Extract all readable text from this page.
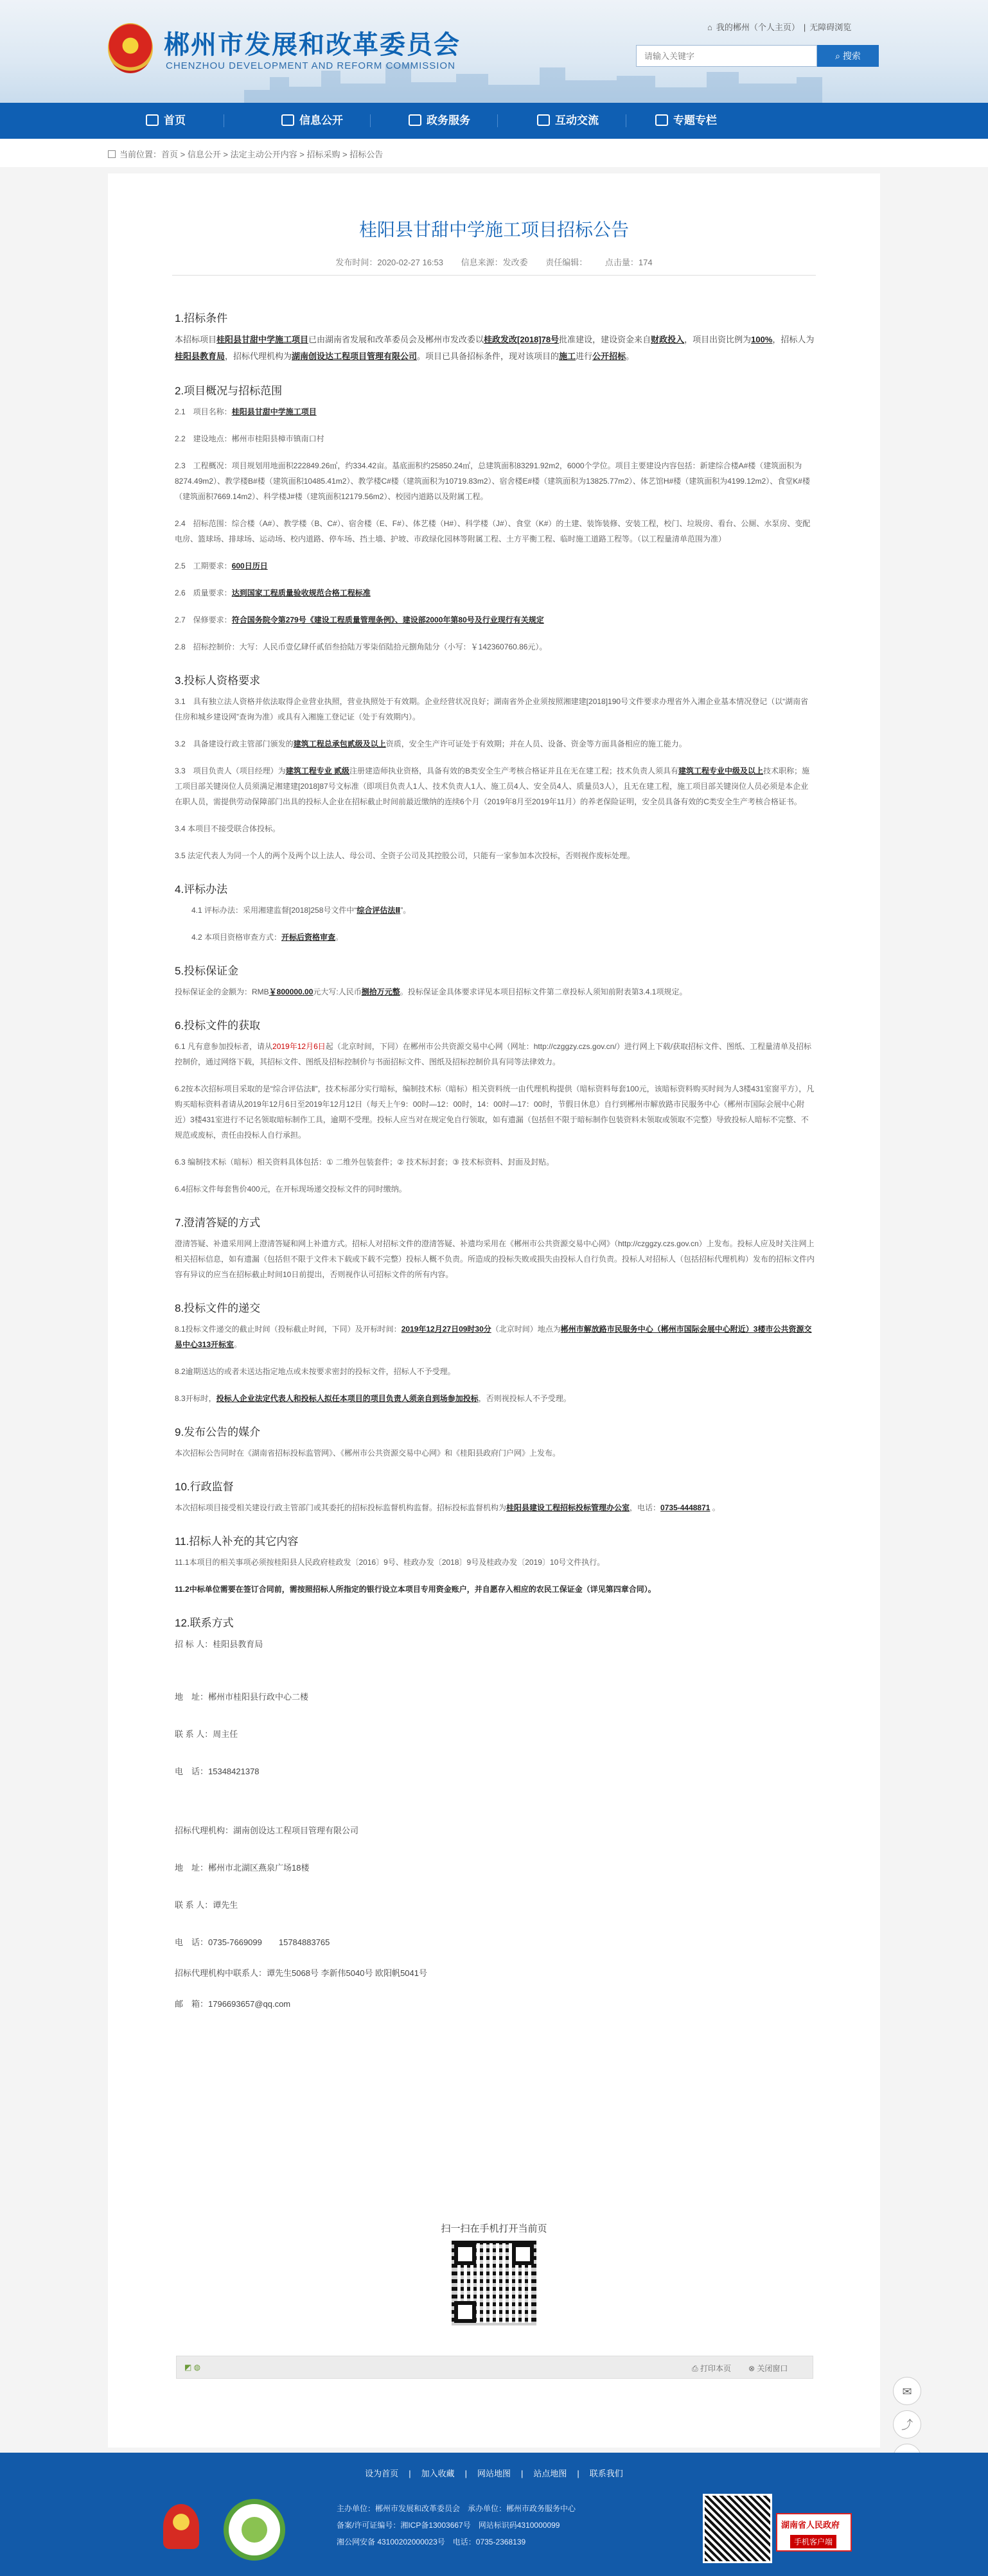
郴州市发展和改革委员会
CHENZHOU DEVELOPMENT AND REFORM COMMISSION
⌂ 我的郴州（个人主页） | 无障碍浏览
请输入关键字
⌕ 搜索
首页	信息公开	政务服务	互动交流	专题专栏
当前位置：首页 > 信息公开 > 法定主动公开内容 > 招标采购 > 招标公告
桂阳县甘甜中学施工项目招标公告
发布时间：2020-02-27 16:53 信息来源：发改委 责任编辑： 点击量：174
1.招标条件
本招标项目桂阳县甘甜中学施工项目已由湖南省发展和改革委员会及郴州市发改委以桂政发改[2018]78号批准建设，建设资金来自财政投入，项目出资比例为100%，招标人为桂阳县教育局，招标代理机构为湖南创设达工程项目管理有限公司。项目已具备招标条件，现对该项目的施工进行公开招标。
2.项目概况与招标范围
2.1　项目名称：桂阳县甘甜中学施工项目
2.2　建设地点：郴州市桂阳县樟市镇南口村
2.3　工程概况：项目规划用地面积222849.26㎡，约334.42亩。基底面积约25850.24㎡，总建筑面积83291.92m2，6000个学位。项目主要建设内容包括：新建综合楼A#楼（建筑面积为8274.49m2）、教学楼B#楼（建筑面积10485.41m2）、教学楼C#楼（建筑面积为10719.83m2）、宿舍楼E#楼（建筑面积为13825.77m2）、体艺馆H#楼（建筑面积为4199.12m2）、食堂K#楼（建筑面积7669.14m2）、科学楼J#楼（建筑面积12179.56m2）、校园内道路以及附属工程。
2.4　招标范围：综合楼（A#）、教学楼（B、C#）、宿舍楼（E、F#）、体艺楼（H#）、科学楼（J#）、食堂（K#）的土建、装饰装修、安装工程，校门、垃圾房、看台、公厕、水泵房、变配电房、篮球场、排球场、运动场、校内道路、停车场、挡土墙、护坡、市政绿化园林等附属工程、土方平衡工程、临时施工道路工程等。（以工程量清单范围为准）
2.5　工期要求：600日历日
2.6　质量要求：达到国家工程质量验收规范合格工程标准
2.7　保修要求：符合国务院令第279号《建设工程质量管理条例》、建设部2000年第80号及行业现行有关规定
2.8　招标控制价：大写：人民币壹亿肆仟贰佰叁拾陆万零柒佰陆拾元捌角陆分（小写：￥142360760.86元）。
3.投标人资格要求
3.1　具有独立法人资格并依法取得企业营业执照，营业执照处于有效期。企业经营状况良好；湖南省外企业须按照湘建建[2018]190号文件要求办理省外入湘企业基本情况登记（以“湖南省住房和城乡建设网”查询为准）或具有入湘施工登记证（处于有效期内）。
3.2　具备建设行政主管部门颁发的建筑工程总承包贰级及以上资质，安全生产许可证处于有效期；并在人员、设备、资金等方面具备相应的施工能力。
3.3　项目负责人（项目经理）为建筑工程专业 贰级注册建造师执业资格，具备有效的B类安全生产考核合格证并且在无在建工程；技术负责人须具有建筑工程专业中级及以上技术职称；施工项目部关键岗位人员须满足湘建建[2018]87号文标准（即项目负责人1人、技术负责人1人、施工员4人、安全员4人、质量员3人），且无在建工程，施工项目部关键岗位人员必须是本企业在职人员，需提供劳动保障部门出具的投标人企业在招标截止时间前最近缴纳的连续6个月（2019年8月至2019年11月）的养老保险证明，安全员具备有效的C类安全生产考核合格证书。
3.4 本项目不接受联合体投标。
3.5 法定代表人为同一个人的两个及两个以上法人、母公司、全资子公司及其控股公司，只能有一家参加本次投标，否则视作废标处理。
4.评标办法
4.1 评标办法：采用湘建监督[2018]258号文件中“综合评估法Ⅱ”。
4.2 本项目资格审查方式：开标后资格审查。
5.投标保证金
投标保证金的金额为：RMB￥800000.00元大写:人民币捌拾万元整。投标保证金具体要求详见本项目招标文件第二章投标人须知前附表第3.4.1项规定。
6.投标文件的获取
6.1 凡有意参加投标者，请从2019年12月6日起（北京时间，下同）在郴州市公共资源交易中心网（网址：http://czggzy.czs.gov.cn/）进行网上下载/获取招标文件、图纸、工程量清单及招标控制价，通过网络下载，其招标文件、图纸及招标控制价与书面招标文件、图纸及招标控制价具有同等法律效力。
6.2按本次招标项目采取的是“综合评估法Ⅱ”，技术标部分实行暗标，编制技术标（暗标）相关资料统一由代理机构提供（暗标资料每套100元，该暗标资料购买时间为人3楼431室窗平方），凡购买暗标资料者请从2019年12月6日至2019年12月12日（每天上午9：00时—12：00时，14：00时—17：00时，节假日休息）自行到郴州市解放路市民服务中心（郴州市国际会展中心附近）3楼431室进行不记名领取暗标制作工具，逾期不受理。投标人应当对在规定免自行领取，如有遗漏（包括但不限于暗标制作包装资料未领取或领取不完整）导致投标人暗标不完整、不规范或废标，责任由投标人自行承担。
6.3 编制技术标（暗标）相关资料具体包括：① 二维外包装套件；② 技术标封套；③ 技术标资料、封面及封贴。
6.4招标文件每套售价400元，在开标现场递交投标文件的同时缴纳。
7.澄清答疑的方式
澄清答疑、补遗采用网上澄清答疑和网上补遗方式。招标人对招标文件的澄清答疑、补遗均采用在《郴州市公共资源交易中心网》（http://czggzy.czs.gov.cn）上发布。投标人应及时关注网上相关招标信息，如有遗漏（包括但不限于文件未下载或下载不完整）投标人概不负责。所造成的投标失败或损失由投标人自行负责。投标人对招标人（包括招标代理机构）发布的招标文件内容有异议的应当在招标截止时间10日前提出，否则视作认可招标文件的所有内容。
8.投标文件的递交
8.1投标文件递交的截止时间（投标截止时间，下同）及开标时间：2019年12月27日09时30分（北京时间）地点为郴州市解放路市民服务中心（郴州市国际会展中心附近）3楼市公共资源交易中心313开标室。
8.2逾期送达的或者未送达指定地点或未按要求密封的投标文件，招标人不予受理。
8.3开标时，投标人企业法定代表人和投标人拟任本项目的项目负责人须亲自到场参加投标，否则视投标人不予受理。
9.发布公告的媒介
本次招标公告同时在《湖南省招标投标监管网》、《郴州市公共资源交易中心网》和《桂阳县政府门户网》上发布。
10.行政监督
本次招标项目接受相关建设行政主管部门或其委托的招标投标监督机构监督。招标投标监督机构为桂阳县建设工程招标投标管理办公室，电话：0735-4448871 。
11.招标人补充的其它内容
11.1本项目的相关事项必须按桂阳县人民政府桂政发〔2016〕9号、桂政办发〔2018〕9号及桂政办发〔2019〕10号文件执行。
11.2中标单位需要在签订合同前，需按照招标人所指定的银行设立本项目专用资金账户，并自愿存入相应的农民工保证金（详见第四章合同）。
12.联系方式
招 标 人：桂阳县教育局
地　址：郴州市桂阳县行政中心二楼
联 系 人：周主任
电　话：15348421378
招标代理机构：湖南创设达工程项目管理有限公司
地　址：郴州市北湖区燕泉广场18楼
联 系 人：谭先生
电　话：0735-7669099　　15784883765
招标代理机构中联系人：谭先生5068号 李新伟5040号 欧阳帆5041号
邮　箱：1796693657@qq.com
扫一扫在手机打开当前页
◩ ◍	⎙ 打印本页 ⊗ 关闭窗口
✉
⤴
设为首页 | 加入收藏 | 网站地图 | 站点地图 | 联系我们
主办单位：郴州市发展和改革委员会　承办单位：郴州市政务服务中心
备案/许可证编号：湘ICP备13003667号　网站标识码4310000099
湘公网安备 43100202000023号　电话：0735-2368139
湖南省人民政府
手机客户端
